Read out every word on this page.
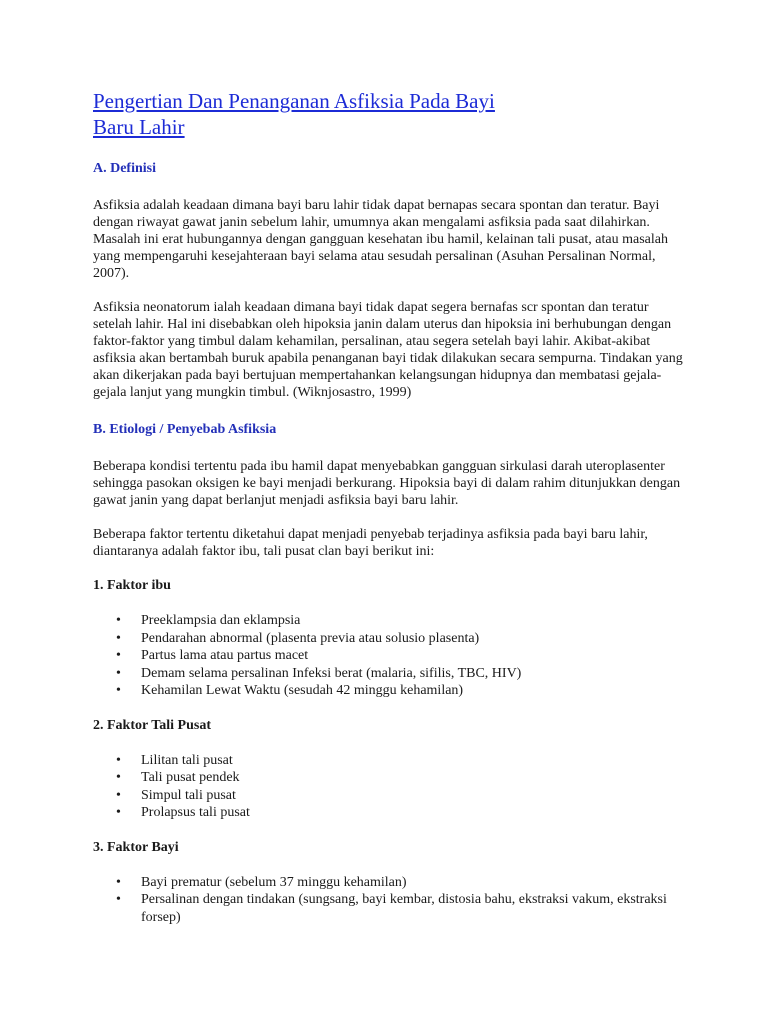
Pengertian Dan Penanganan Asfiksia Pada Bayi
Baru Lahir
A. Definisi

Asfiksia adalah keadaan dimana bayi baru lahir tidak dapat bernapas secara spontan dan teratur. Bayi dengan riwayat gawat janin sebelum lahir, umumnya akan mengalami asfiksia pada saat dilahirkan. Masalah ini erat hubungannya dengan gangguan kesehatan ibu hamil, kelainan tali pusat, atau masalah yang mempengaruhi kesejahteraan bayi selama atau sesudah persalinan (Asuhan Persalinan Normal, 2007).

Asfiksia neonatorum ialah keadaan dimana bayi tidak dapat segera bernafas scr spontan dan teratur setelah lahir. Hal ini disebabkan oleh hipoksia janin dalam uterus dan hipoksia ini berhubungan dengan faktor-faktor yang timbul dalam kehamilan, persalinan, atau segera setelah bayi lahir. Akibat-akibat asfiksia akan bertambah buruk apabila penanganan bayi tidak dilakukan secara sempurna. Tindakan yang akan dikerjakan pada bayi bertujuan mempertahankan kelangsungan hidupnya dan membatasi gejala-gejala lanjut yang mungkin timbul. (Wiknjosastro, 1999)

B. Etiologi / Penyebab Asfiksia

Beberapa kondisi tertentu pada ibu hamil dapat menyebabkan gangguan sirkulasi darah uteroplasenter sehingga pasokan oksigen ke bayi menjadi berkurang. Hipoksia bayi di dalam rahim ditunjukkan dengan gawat janin yang dapat berlanjut menjadi asfiksia bayi baru lahir.

Beberapa faktor tertentu diketahui dapat menjadi penyebab terjadinya asfiksia pada bayi baru lahir, diantaranya adalah faktor ibu, tali pusat clan bayi berikut ini:

1. Faktor ibu
• Preeklampsia dan eklampsia
• Pendarahan abnormal (plasenta previa atau solusio plasenta)
• Partus lama atau partus macet
• Demam selama persalinan Infeksi berat (malaria, sifilis, TBC, HIV)
• Kehamilan Lewat Waktu (sesudah 42 minggu kehamilan)
2. Faktor Tali Pusat
• Lilitan tali pusat
• Tali pusat pendek
• Simpul tali pusat
• Prolapsus tali pusat
3. Faktor Bayi
• Bayi prematur (sebelum 37 minggu kehamilan)
• Persalinan dengan tindakan (sungsang, bayi kembar, distosia bahu, ekstraksi vakum, ekstraksi forsep)
